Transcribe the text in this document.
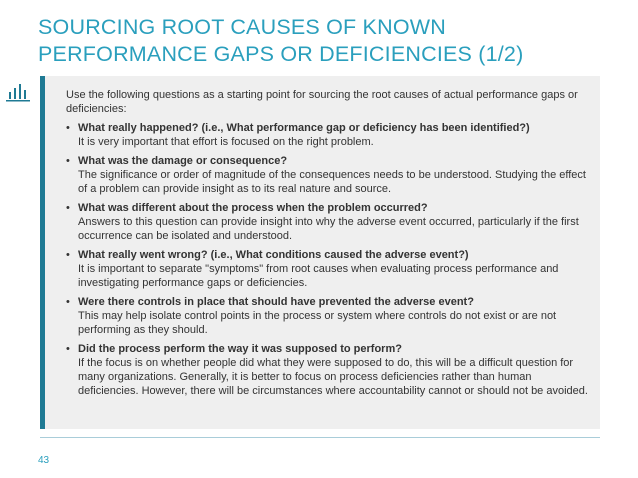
SOURCING ROOT CAUSES OF KNOWN
PERFORMANCE GAPS OR DEFICIENCIES (1/2)

Use the following questions as a starting point for sourcing the root causes of actual performance gaps or deficiencies:

• What really happened? (i.e., What performance gap or deficiency has been identified?)
It is very important that effort is focused on the right problem.
• What was the damage or consequence?
The significance or order of magnitude of the consequences needs to be understood. Studying the effect of a problem can provide insight as to its real nature and source.
• What was different about the process when the problem occurred?
Answers to this question can provide insight into why the adverse event occurred, particularly if the first occurrence can be isolated and understood.
• What really went wrong? (i.e., What conditions caused the adverse event?)
It is important to separate "symptoms" from root causes when evaluating process performance and investigating performance gaps or deficiencies.
• Were there controls in place that should have prevented the adverse event?
This may help isolate control points in the process or system where controls do not exist or are not performing as they should.
• Did the process perform the way it was supposed to perform?
If the focus is on whether people did what they were supposed to do, this will be a difficult question for many organizations. Generally, it is better to focus on process deficiencies rather than human deficiencies. However, there will be circumstances where accountability cannot or should not be avoided.
43
